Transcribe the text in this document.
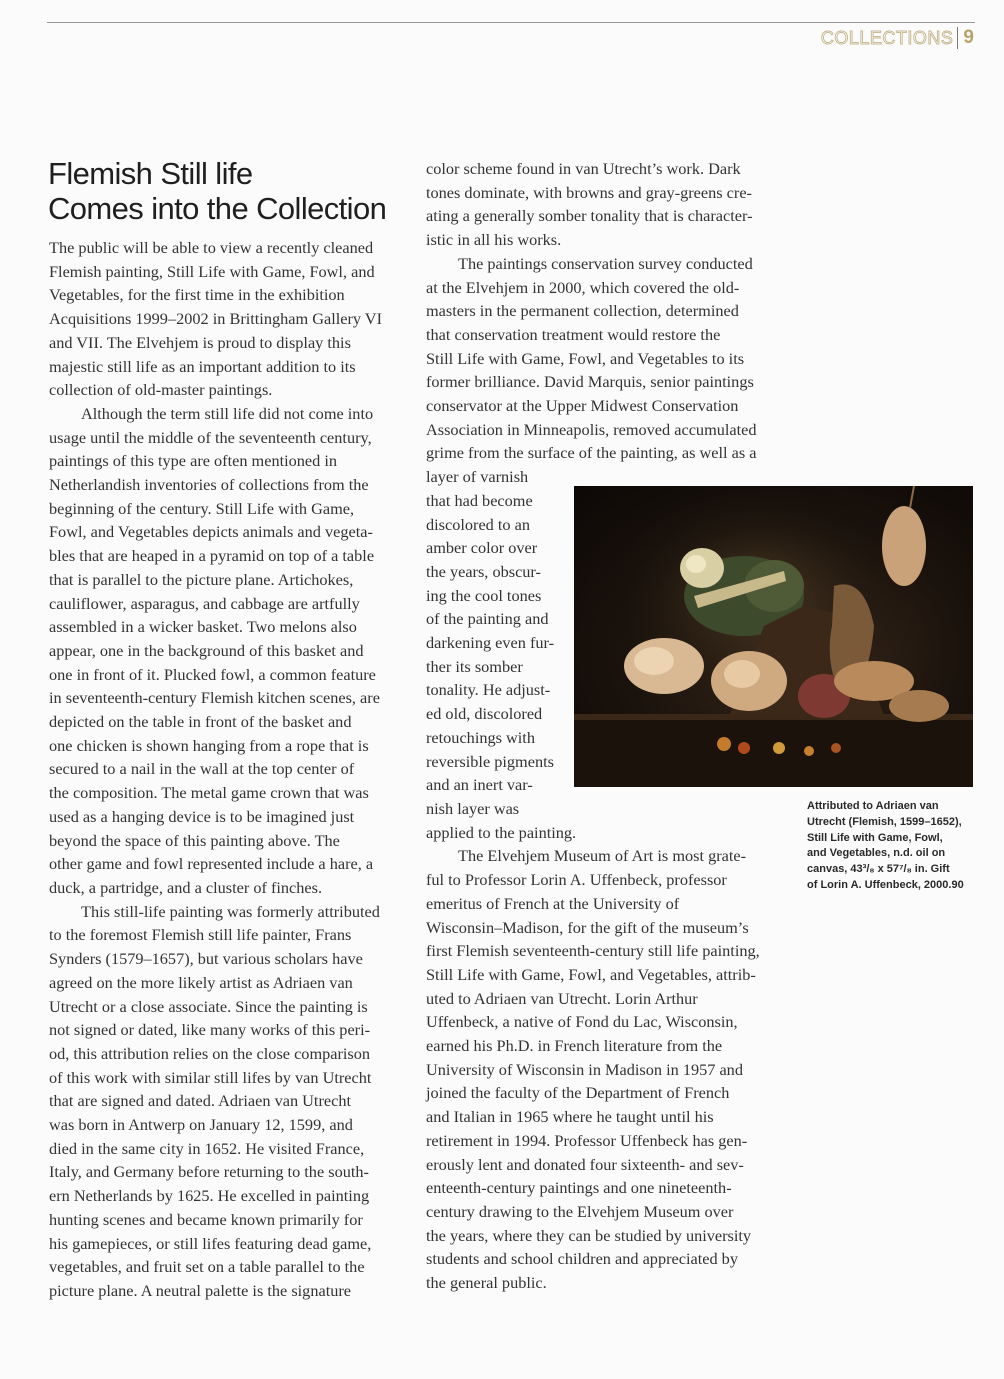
COLLECTIONS 9
Flemish Still life
Comes into the Collection
The public will be able to view a recently cleaned
Flemish painting, Still Life with Game, Fowl, and
Vegetables, for the first time in the exhibition
Acquisitions 1999–2002 in Brittingham Gallery VI
and VII. The Elvehjem is proud to display this
majestic still life as an important addition to its
collection of old-master paintings.
Although the term still life did not come into
usage until the middle of the seventeenth century,
paintings of this type are often mentioned in
Netherlandish inventories of collections from the
beginning of the century. Still Life with Game,
Fowl, and Vegetables depicts animals and vegeta-
bles that are heaped in a pyramid on top of a table
that is parallel to the picture plane. Artichokes,
cauliflower, asparagus, and cabbage are artfully
assembled in a wicker basket. Two melons also
appear, one in the background of this basket and
one in front of it. Plucked fowl, a common feature
in seventeenth-century Flemish kitchen scenes, are
depicted on the table in front of the basket and
one chicken is shown hanging from a rope that is
secured to a nail in the wall at the top center of
the composition. The metal game crown that was
used as a hanging device is to be imagined just
beyond the space of this painting above. The
other game and fowl represented include a hare, a
duck, a partridge, and a cluster of finches.
This still-life painting was formerly attributed
to the foremost Flemish still life painter, Frans
Synders (1579–1657), but various scholars have
agreed on the more likely artist as Adriaen van
Utrecht or a close associate. Since the painting is
not signed or dated, like many works of this peri-
od, this attribution relies on the close comparison
of this work with similar still lifes by van Utrecht
that are signed and dated. Adriaen van Utrecht
was born in Antwerp on January 12, 1599, and
died in the same city in 1652. He visited France,
Italy, and Germany before returning to the south-
ern Netherlands by 1625. He excelled in painting
hunting scenes and became known primarily for
his gamepieces, or still lifes featuring dead game,
vegetables, and fruit set on a table parallel to the
picture plane. A neutral palette is the signature
color scheme found in van Utrecht’s work. Dark
tones dominate, with browns and gray-greens cre-
ating a generally somber tonality that is character-
istic in all his works.
The paintings conservation survey conducted
at the Elvehjem in 2000, which covered the old-
masters in the permanent collection, determined
that conservation treatment would restore the
Still Life with Game, Fowl, and Vegetables to its
former brilliance. David Marquis, senior paintings
conservator at the Upper Midwest Conservation
Association in Minneapolis, removed accumulated
grime from the surface of the painting, as well as a
layer of varnish
that had become
discolored to an
amber color over
the years, obscur-
ing the cool tones
of the painting and
darkening even fur-
ther its somber
tonality. He adjust-
ed old, discolored
retouchings with
reversible pigments
and an inert var-
nish layer was
applied to the painting.
The Elvehjem Museum of Art is most grate-
ful to Professor Lorin A. Uffenbeck, professor
emeritus of French at the University of
Wisconsin–Madison, for the gift of the museum’s
first Flemish seventeenth-century still life painting,
Still Life with Game, Fowl, and Vegetables, attrib-
uted to Adriaen van Utrecht. Lorin Arthur
Uffenbeck, a native of Fond du Lac, Wisconsin,
earned his Ph.D. in French literature from the
University of Wisconsin in Madison in 1957 and
joined the faculty of the Department of French
and Italian in 1965 where he taught until his
retirement in 1994. Professor Uffenbeck has gen-
erously lent and donated four sixteenth- and sev-
enteenth-century paintings and one nineteenth-
century drawing to the Elvehjem Museum over
the years, where they can be studied by university
students and school children and appreciated by
the general public.
Attributed to Adriaen van
Utrecht (Flemish, 1599–1652),
Still Life with Game, Fowl,
and Vegetables, n.d. oil on
canvas, 43³/₈ x 57⁷/₈ in. Gift
of Lorin A. Uffenbeck, 2000.90
